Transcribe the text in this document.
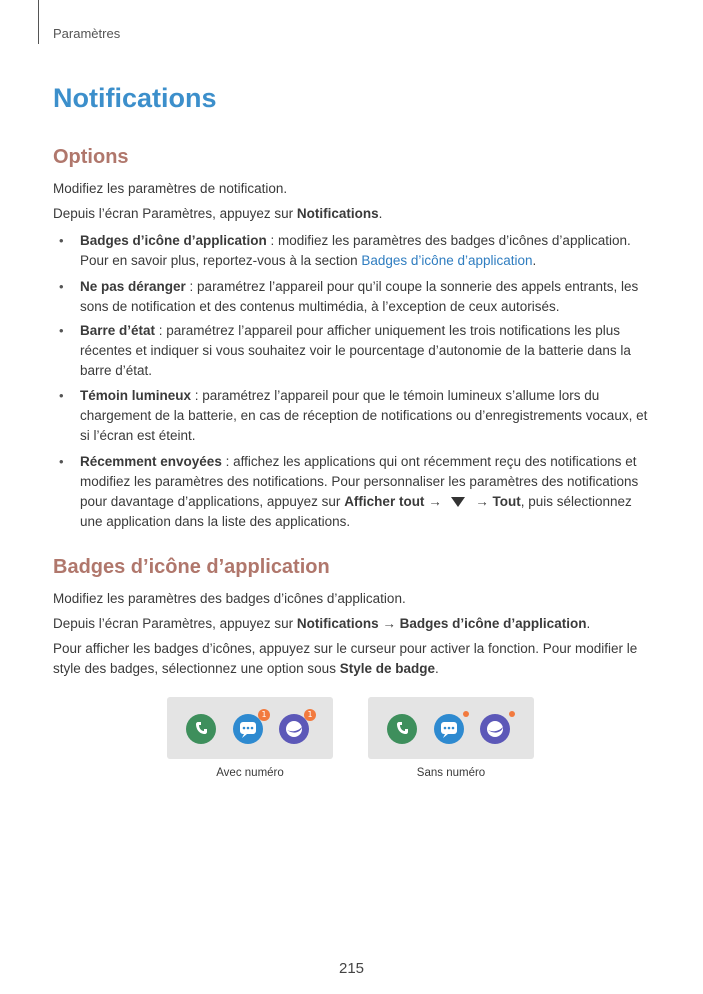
Paramètres
Notifications
Options

Modifiez les paramètres de notification.

Depuis l’écran Paramètres, appuyez sur Notifications.

• Badges d’icône d’application : modifiez les paramètres des badges d’icônes d’application. Pour en savoir plus, reportez-vous à la section Badges d’icône d’application.

• Ne pas déranger : paramétrez l’appareil pour qu’il coupe la sonnerie des appels entrants, les sons de notification et des contenus multimédia, à l’exception de ceux autorisés.

• Barre d’état : paramétrez l’appareil pour afficher uniquement les trois notifications les plus récentes et indiquer si vous souhaitez voir le pourcentage d’autonomie de la batterie dans la barre d’état.

• Témoin lumineux : paramétrez l’appareil pour que le témoin lumineux s’allume lors du chargement de la batterie, en cas de réception de notifications ou d’enregistrements vocaux, et si l’écran est éteint.

• Récemment envoyées : affichez les applications qui ont récemment reçu des notifications et modifiez les paramètres des notifications. Pour personnaliser les paramètres des notifications pour davantage d’applications, appuyez sur Afficher tout →  → Tout, puis sélectionnez une application dans la liste des applications.

Badges d’icône d’application

Modifiez les paramètres des badges d’icônes d’application.

Depuis l’écran Paramètres, appuyez sur Notifications → Badges d’icône d’application.

Pour afficher les badges d’icônes, appuyez sur le curseur pour activer la fonction. Pour modifier le style des badges, sélectionnez une option sous Style de badge.

1	1
Avec numéro	Sans numéro
215
